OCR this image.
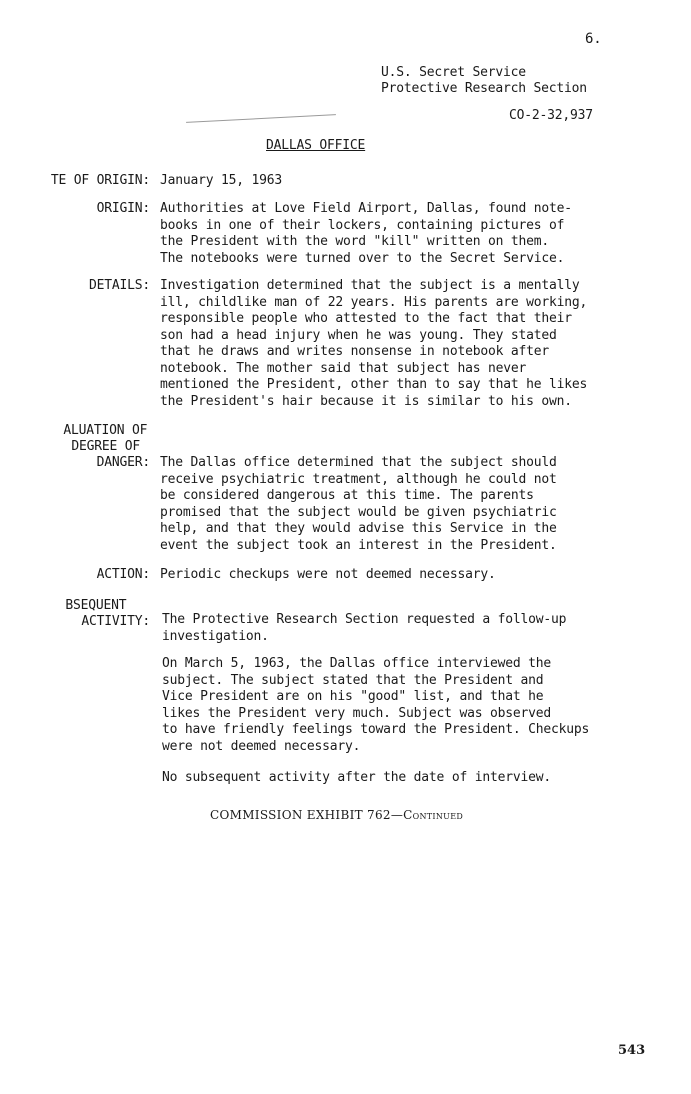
6.
U.S. Secret Service
Protective Research Section
CO-2-32,937
DALLAS OFFICE
TE OF ORIGIN: January 15, 1963
ORIGIN: Authorities at Love Field Airport, Dallas, found note-
books in one of their lockers, containing pictures of
the President with the word "kill" written on them.
The notebooks were turned over to the Secret Service.
DETAILS: Investigation determined that the subject is a mentally
ill, childlike man of 22 years. His parents are working,
responsible people who attested to the fact that their
son had a head injury when he was young. They stated
that he draws and writes nonsense in notebook after
notebook. The mother said that subject has never
mentioned the President, other than to say that he likes
the President's hair because it is similar to his own.
ALUATION OF
DEGREE OF
DANGER: The Dallas office determined that the subject should
receive psychiatric treatment, although he could not
be considered dangerous at this time. The parents
promised that the subject would be given psychiatric
help, and that they would advise this Service in the
event the subject took an interest in the President.
ACTION: Periodic checkups were not deemed necessary.
BSEQUENT
ACTIVITY: The Protective Research Section requested a follow-up
investigation.
On March 5, 1963, the Dallas office interviewed the
subject. The subject stated that the President and
Vice President are on his "good" list, and that he
likes the President very much. Subject was observed
to have friendly feelings toward the President. Checkups
were not deemed necessary.
No subsequent activity after the date of interview.
COMMISSION EXHIBIT 762—Continued
543
